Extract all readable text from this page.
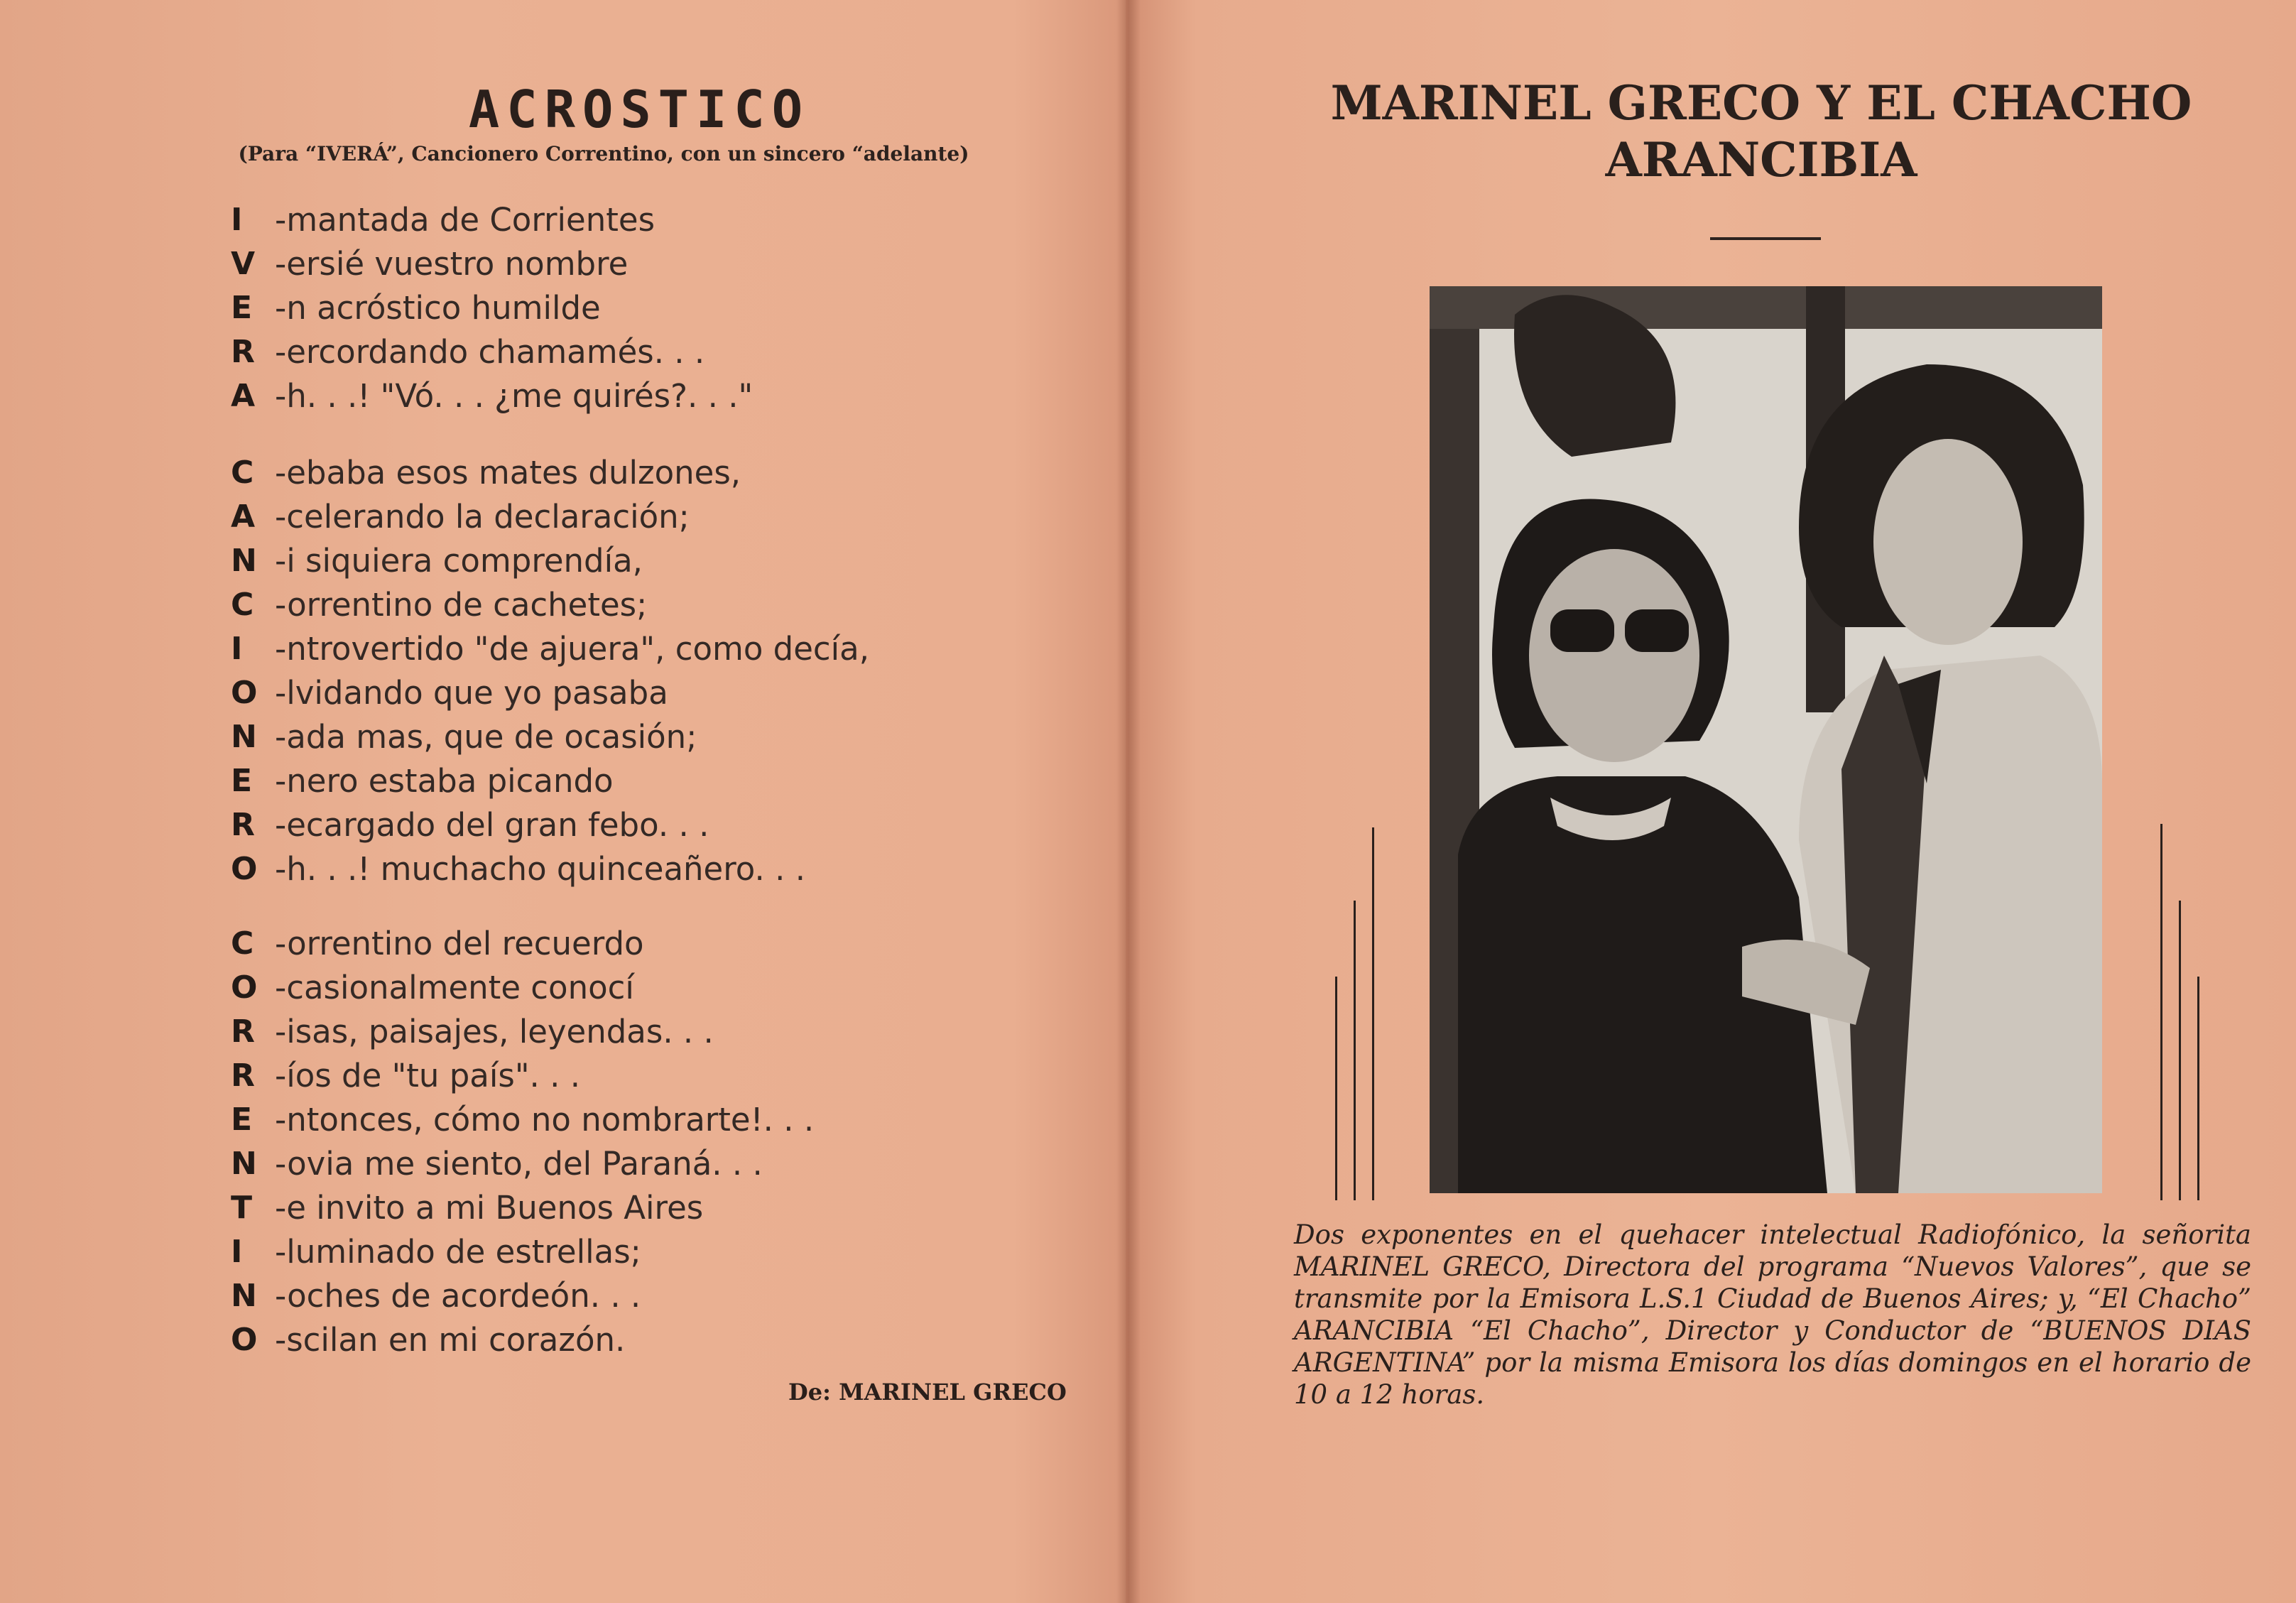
ACROSTICO

(Para “IVERÁ”, Cancionero Correntino, con un sincero “adelante)

I	-mantada de Corrientes
V -ersié vuestro nombre
E -n acróstico humilde
R -ercordando chamamés. . .
A -h. . .! "Vó. . . ¿me quirés?. . ."
C -ebaba esos mates dulzones,
A -celerando la declaración;
N -i siquiera comprendía,
C -orrentino de cachetes;
I	-ntrovertido "de ajuera", como decía,
O -lvidando que yo pasaba
N -ada mas, que de ocasión;
E -nero estaba picando
R -ecargado del gran febo. . .
O -h. . .! muchacho quinceañero. . .
C -orrentino del recuerdo
O -casionalmente conocí
R -isas, paisajes, leyendas. . .
R -íos de "tu país". . .
E -ntonces, cómo no nombrarte!. . .
N -ovia me siento, del Paraná. . .
T -e invito a mi Buenos Aires
I	-luminado de estrellas;
N -oches de acordeón. . .
O -scilan en mi corazón.

De: MARINEL GRECO

MARINEL GRECO Y EL CHACHO
ARANCIBIA

Dos exponentes en el quehacer intelectual Radiofónico, la señorita MARINEL GRECO, Directora del programa “Nuevos Valores”, que se transmite por la Emisora L.S.1 Ciudad de Buenos Aires; y, “El Chacho” ARANCIBIA “El Chacho”, Director y Conductor de “BUENOS DIAS ARGENTINA” por la misma Emisora los días domingos en el horario de 10 a 12 horas.
